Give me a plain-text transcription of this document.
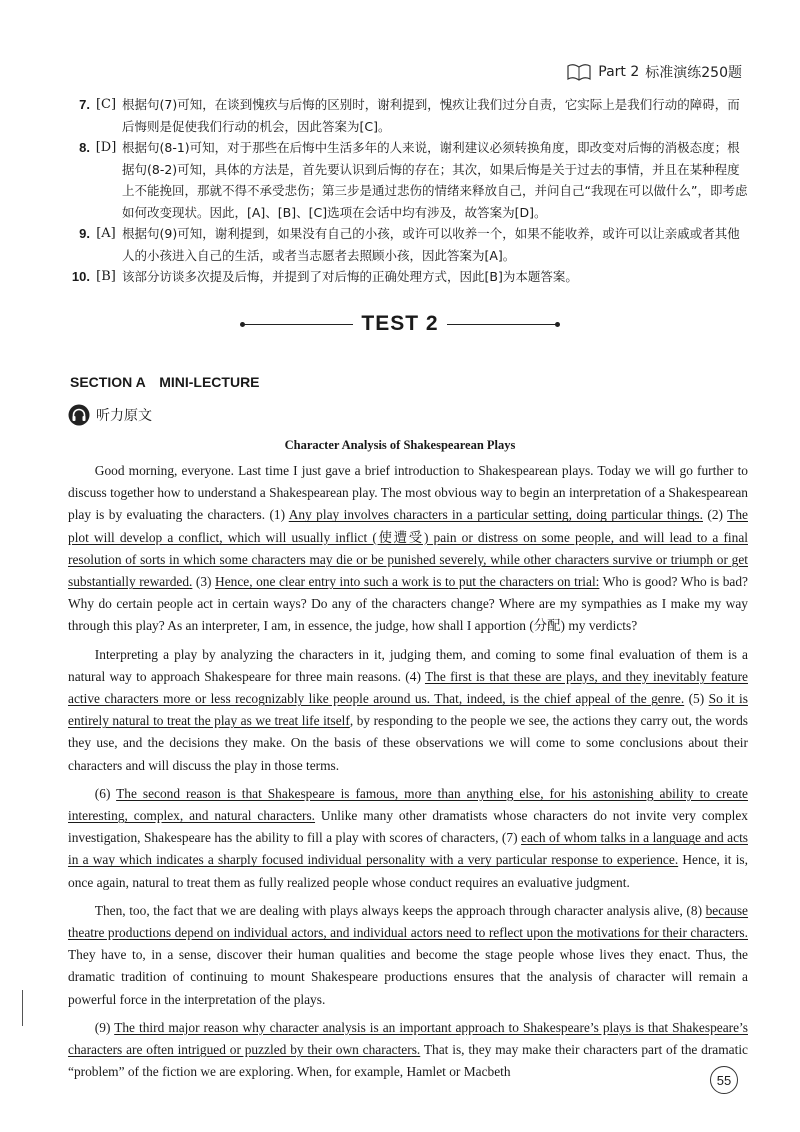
Part 2 标准演练250题
7. [C] 根据句(7)可知，在谈到愧疚与后悔的区别时，谢利提到，愧疚让我们过分自责，它实际上是我们行动的障碍，而后悔则是促使我们行动的机会，因此答案为[C]。
8. [D] 根据句(8-1)可知，对于那些在后悔中生活多年的人来说，谢利建议必须转换角度，即改变对后悔的消极态度；根据句(8-2)可知，具体的方法是，首先要认识到后悔的存在；其次，如果后悔是关于过去的事情，并且在某种程度上不能挽回，那就不得不承受悲伤；第三步是通过悲伤的情绪来释放自己，并问自己“我现在可以做什么”，即考虑如何改变现状。因此，[A]、[B]、[C]选项在会话中均有涉及，故答案为[D]。
9. [A] 根据句(9)可知，谢利提到，如果没有自己的小孩，或许可以收养一个，如果不能收养，或许可以让亲戚或者其他人的小孩进入自己的生活，或者当志愿者去照顾小孩，因此答案为[A]。
10. [B] 该部分访谈多次提及后悔，并提到了对后悔的正确处理方式，因此[B]为本题答案。
TEST 2
SECTION A　MINI-LECTURE
听力原文
Character Analysis of Shakespearean Plays

Good morning, everyone. Last time I just gave a brief introduction to Shakespearean plays. Today we will go further to discuss together how to understand a Shakespearean play. The most obvious way to begin an interpretation of a Shakespearean play is by evaluating the characters. (1) Any play involves characters in a particular setting, doing particular things. (2) The plot will develop a conflict, which will usually inflict (使遭受) pain or distress on some people, and will lead to a final resolution of sorts in which some characters may die or be punished severely, while other characters survive or triumph or get substantially rewarded. (3) Hence, one clear entry into such a work is to put the characters on trial: Who is good? Who is bad? Why do certain people act in certain ways? Do any of the characters change? Where are my sympathies as I make my way through this play? As an interpreter, I am, in essence, the judge, how shall I apportion (分配) my verdicts?

Interpreting a play by analyzing the characters in it, judging them, and coming to some final evaluation of them is a natural way to approach Shakespeare for three main reasons. (4) The first is that these are plays, and they inevitably feature active characters more or less recognizably like people around us. That, indeed, is the chief appeal of the genre. (5) So it is entirely natural to treat the play as we treat life itself, by responding to the people we see, the actions they carry out, the words they use, and the decisions they make. On the basis of these observations we will come to some conclusions about their characters and will discuss the play in those terms.

(6) The second reason is that Shakespeare is famous, more than anything else, for his astonishing ability to create interesting, complex, and natural characters. Unlike many other dramatists whose characters do not invite very complex investigation, Shakespeare has the ability to fill a play with scores of characters, (7) each of whom talks in a language and acts in a way which indicates a sharply focused individual personality with a very particular response to experience. Hence, it is, once again, natural to treat them as fully realized people whose conduct requires an evaluative judgment.

Then, too, the fact that we are dealing with plays always keeps the approach through character analysis alive, (8) because theatre productions depend on individual actors, and individual actors need to reflect upon the motivations for their characters. They have to, in a sense, discover their human qualities and become the stage people whose lives they enact. Thus, the dramatic tradition of continuing to mount Shakespeare productions ensures that the analysis of character will remain a powerful force in the interpretation of the plays.

(9) The third major reason why character analysis is an important approach to Shakespeare’s plays is that Shakespeare’s characters are often intrigued or puzzled by their own characters. That is, they may make their characters part of the dramatic “problem” of the fiction we are exploring. When, for example, Hamlet or Macbeth

55
